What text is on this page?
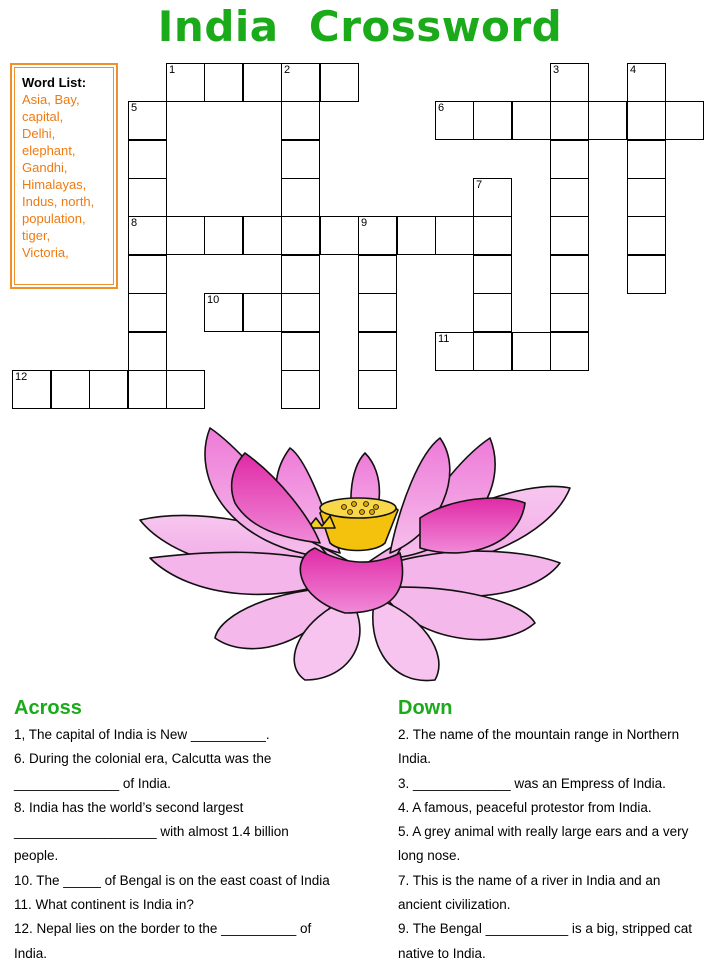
India  Crossword
Word List:
Asia, Bay,
capital,
Delhi,
elephant,
Gandhi,
Himalayas,
Indus, north,
population,
tiger,
Victoria,
1	2	3	4
5	6
7
8	9
10
11
12
Across
1, The capital of India is New __________.
6. During the colonial era, Calcutta was the
______________ of India.
8. India has the world’s second largest
___________________ with almost 1.4 billion
people.
10. The _____ of Bengal is on the east coast of India
11. What continent is India in?
12. Nepal lies on the border to the __________ of
India.
Down
2. The name of the mountain range in Northern
India.
3. _____________ was an Empress of India.
4. A famous, peaceful protestor from India.
5. A grey animal with really large ears and a very
long nose.
7. This is the name of a river in India and an
ancient civilization.
9. The Bengal ___________ is a big, stripped cat
native to India.
